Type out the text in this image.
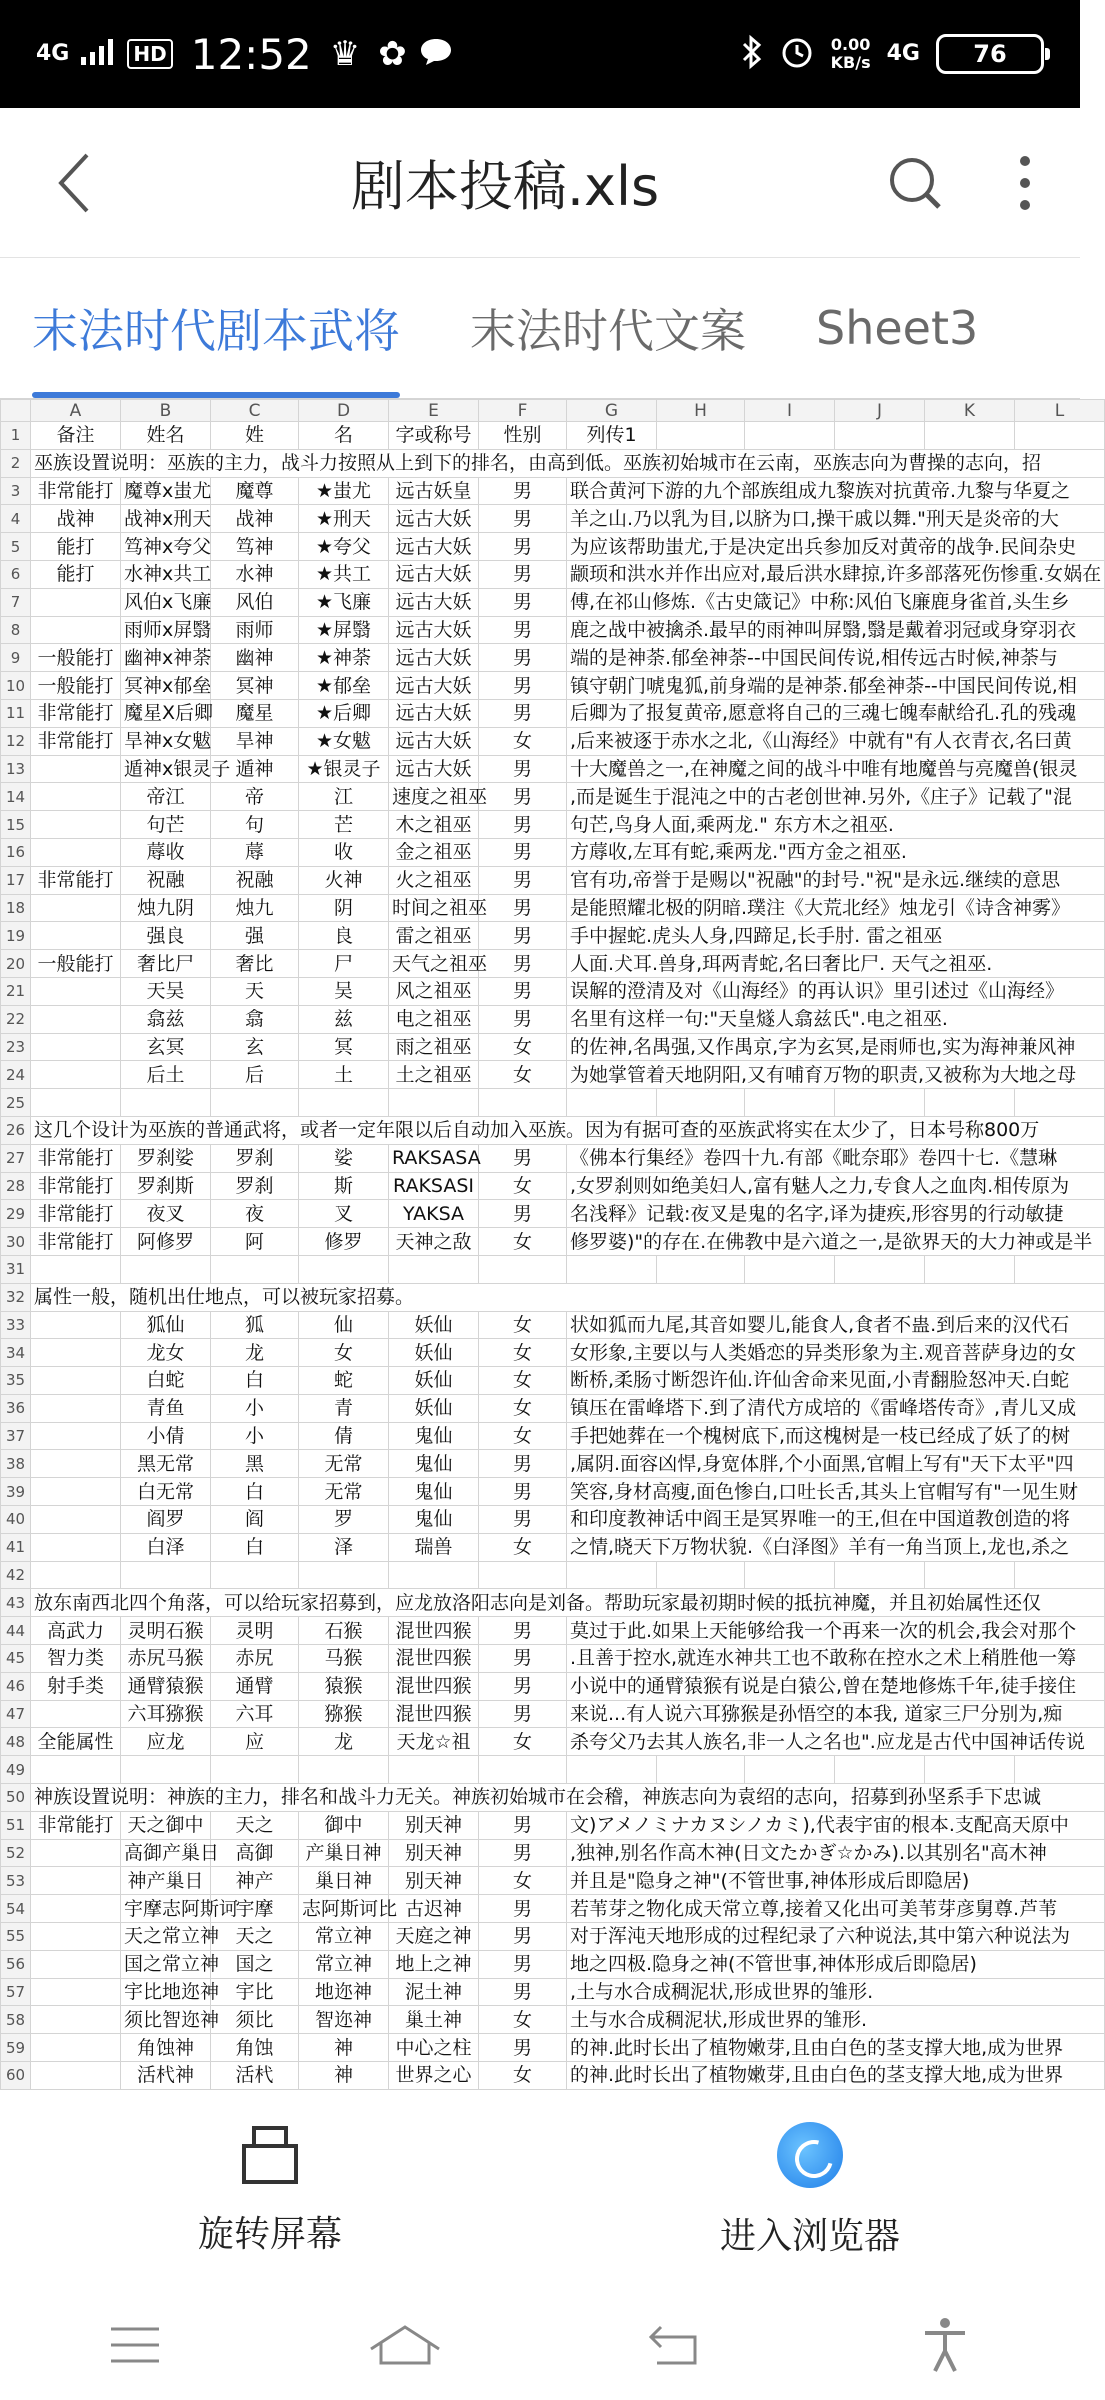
4G	HD 12:52 ♛ ✿	0.00
KB/s 4G 76
剧本投稿.xls
末法时代剧本武将 末法时代文案 Sheet3
	A	B	C	D	E	F	G	H	I	J	K	L
1	备注	姓名	姓	名	字或称号	性别	列传1					
2	巫族设置说明：巫族的主力，战斗力按照从上到下的排名，由高到低。巫族初始城市在云南，巫族志向为曹操的志向，招											
3	非常能打	魔尊x蚩尤	魔尊	★蚩尤	远古妖皇	男	联合黄河下游的九个部族组成九黎族对抗黄帝.九黎与华夏之					
4	战神	战神x刑天	战神	★刑天	远古大妖	男	羊之山.乃以乳为目,以脐为口,操干戚以舞."刑天是炎帝的大					
5	能打	笃神x夸父	笃神	★夸父	远古大妖	男	为应该帮助蚩尤,于是决定出兵参加反对黄帝的战争.民间杂史					
6	能打	水神x共工	水神	★共工	远古大妖	男	颛顼和洪水并作出应对,最后洪水肆掠,许多部落死伤惨重.女娲在					
7		风伯x飞廉	风伯	★飞廉	远古大妖	男	傅,在祁山修炼.《古史箴记》中称:风伯飞廉鹿身雀首,头生乡					
8		雨师x屏翳	雨师	★屏翳	远古大妖	男	鹿之战中被擒杀.最早的雨神叫屏翳,翳是戴着羽冠或身穿羽衣					
9	一般能打	幽神x神荼	幽神	★神荼	远古大妖	男	端的是神荼.郁垒神荼--中国民间传说,相传远古时候,神荼与					
10	一般能打	冥神x郁垒	冥神	★郁垒	远古大妖	男	镇守朝门唬鬼狐,前身端的是神荼.郁垒神荼--中国民间传说,相					
11	非常能打	魔星X后卿	魔星	★后卿	远古大妖	男	后卿为了报复黄帝,愿意将自己的三魂七魄奉献给孔.孔的残魂					
12	非常能打	旱神x女魃	旱神	★女魃	远古大妖	女	,后来被逐于赤水之北,《山海经》中就有"有人衣青衣,名曰黄					
13		遁神x银灵子	遁神	★银灵子	远古大妖	男	十大魔兽之一,在神魔之间的战斗中唯有地魔兽与亮魔兽(银灵					
14		帝江	帝	江	速度之祖巫	男	,而是诞生于混沌之中的古老创世神.另外,《庄子》记载了"混					
15		句芒	句	芒	木之祖巫	男	句芒,鸟身人面,乘两龙." 东方木之祖巫.					
16		蓐收	蓐	收	金之祖巫	男	方蓐收,左耳有蛇,乘两龙."西方金之祖巫.					
17	非常能打	祝融	祝融	火神	火之祖巫	男	官有功,帝誉于是赐以"祝融"的封号."祝"是永远.继续的意思					
18		烛九阴	烛九	阴	时间之祖巫	男	是能照耀北极的阴暗.璞注《大荒北经》烛龙引《诗含神雾》					
19		强良	强	良	雷之祖巫	男	手中握蛇.虎头人身,四蹄足,长手肘. 雷之祖巫					
20	一般能打	奢比尸	奢比	尸	天气之祖巫	男	人面.犬耳.兽身,珥两青蛇,名曰奢比尸. 天气之祖巫.					
21		天吴	天	吴	风之祖巫	男	误解的澄清及对《山海经》的再认识》里引述过《山海经》					
22		翕兹	翕	兹	电之祖巫	男	名里有这样一句:"天皇燧人翕兹氏".电之祖巫.					
23		玄冥	玄	冥	雨之祖巫	女	的佐神,名禺强,又作禺京,字为玄冥,是雨师也,实为海神兼风神					
24		后土	后	土	土之祖巫	女	为她掌管着天地阴阳,又有哺育万物的职责,又被称为大地之母					
25												
26	这几个设计为巫族的普通武将，或者一定年限以后自动加入巫族。因为有据可查的巫族武将实在太少了，日本号称800万											
27	非常能打	罗刹娑	罗刹	娑	RAKSASA	男	《佛本行集经》卷四十九.有部《毗奈耶》卷四十七.《慧琳					
28	非常能打	罗刹斯	罗刹	斯	RAKSASI	女	,女罗刹则如绝美妇人,富有魅人之力,专食人之血肉.相传原为					
29	非常能打	夜叉	夜	叉	YAKSA	男	名浅释》记载:夜叉是鬼的名字,译为捷疾,形容男的行动敏捷					
30	非常能打	阿修罗	阿	修罗	天神之敌	女	修罗婆)"的存在.在佛教中是六道之一,是欲界天的大力神或是半					
31												
32	属性一般，随机出仕地点，可以被玩家招募。											
33		狐仙	狐	仙	妖仙	女	状如狐而九尾,其音如婴儿,能食人,食者不蛊.到后来的汉代石					
34		龙女	龙	女	妖仙	女	女形象,主要以与人类婚恋的异类形象为主.观音菩萨身边的女					
35		白蛇	白	蛇	妖仙	女	断桥,柔肠寸断怨许仙.许仙舍命来见面,小青翻脸怒冲天.白蛇					
36		青鱼	小	青	妖仙	女	镇压在雷峰塔下.到了清代方成培的《雷峰塔传奇》,青儿又成					
37		小倩	小	倩	鬼仙	女	手把她葬在一个槐树底下,而这槐树是一枝已经成了妖了的树					
38		黑无常	黑	无常	鬼仙	男	,属阴.面容凶悍,身宽体胖,个小面黑,官帽上写有"天下太平"四					
39		白无常	白	无常	鬼仙	男	笑容,身材高瘦,面色惨白,口吐长舌,其头上官帽写有"一见生财					
40		阎罗	阎	罗	鬼仙	男	和印度教神话中阎王是冥界唯一的王,但在中国道教创造的将					
41		白泽	白	泽	瑞兽	女	之情,晓天下万物状貌.《白泽图》羊有一角当顶上,龙也,杀之					
42												
43	放东南西北四个角落，可以给玩家招募到，应龙放洛阳志向是刘备。帮助玩家最初期时候的抵抗神魔，并且初始属性还仅											
44	高武力	灵明石猴	灵明	石猴	混世四猴	男	莫过于此.如果上天能够给我一个再来一次的机会,我会对那个					
45	智力类	赤尻马猴	赤尻	马猴	混世四猴	男	.且善于控水,就连水神共工也不敢称在控水之术上稍胜他一筹					
46	射手类	通臂猿猴	通臂	猿猴	混世四猴	男	小说中的通臂猿猴有说是白猿公,曾在楚地修炼千年,徒手接住					
47		六耳猕猴	六耳	猕猴	混世四猴	男	来说...有人说六耳猕猴是孙悟空的本我, 道家三尸分别为,痴					
48	全能属性	应龙	应	龙	天龙☆祖	女	杀夸父乃去其人族名,非一人之名也".应龙是古代中国神话传说					
49												
50	神族设置说明：神族的主力，排名和战斗力无关。神族初始城市在会稽，神族志向为袁绍的志向，招募到孙坚系手下忠诚											
51	非常能打	天之御中	天之	御中	别天神	男	文)アメノミナカヌシノカミ),代表宇宙的根本.支配高天原中					
52		高御产巢日	高御	产巢日神	别天神	男	,独神,别名作高木神(日文たかぎ☆かみ).以其别名"高木神					
53		神产巢日	神产	巢日神	别天神	女	并且是"隐身之神"(不管世事,神体形成后即隐居)					
54		宇摩志阿斯诃	宇摩	志阿斯诃比	古迟神	男	若苇芽之物化成天常立尊,接着又化出可美苇芽彦舅尊.芦苇					
55		天之常立神	天之	常立神	天庭之神	男	对于浑沌天地形成的过程纪录了六种说法,其中第六种说法为					
56		国之常立神	国之	常立神	地上之神	男	地之四极.隐身之神(不管世事,神体形成后即隐居)					
57		宇比地迩神	宇比	地迩神	泥土神	男	,土与水合成稠泥状,形成世界的雏形.					
58		须比智迩神	须比	智迩神	巢土神	女	土与水合成稠泥状,形成世界的雏形.					
59		角蚀神	角蚀	神	中心之柱	男	的神.此时长出了植物嫩芽,且由白色的茎支撑大地,成为世界					
60		活杙神	活杙	神	世界之心	女	的神.此时长出了植物嫩芽,且由白色的茎支撑大地,成为世界					
旋转屏幕	进入浏览器
